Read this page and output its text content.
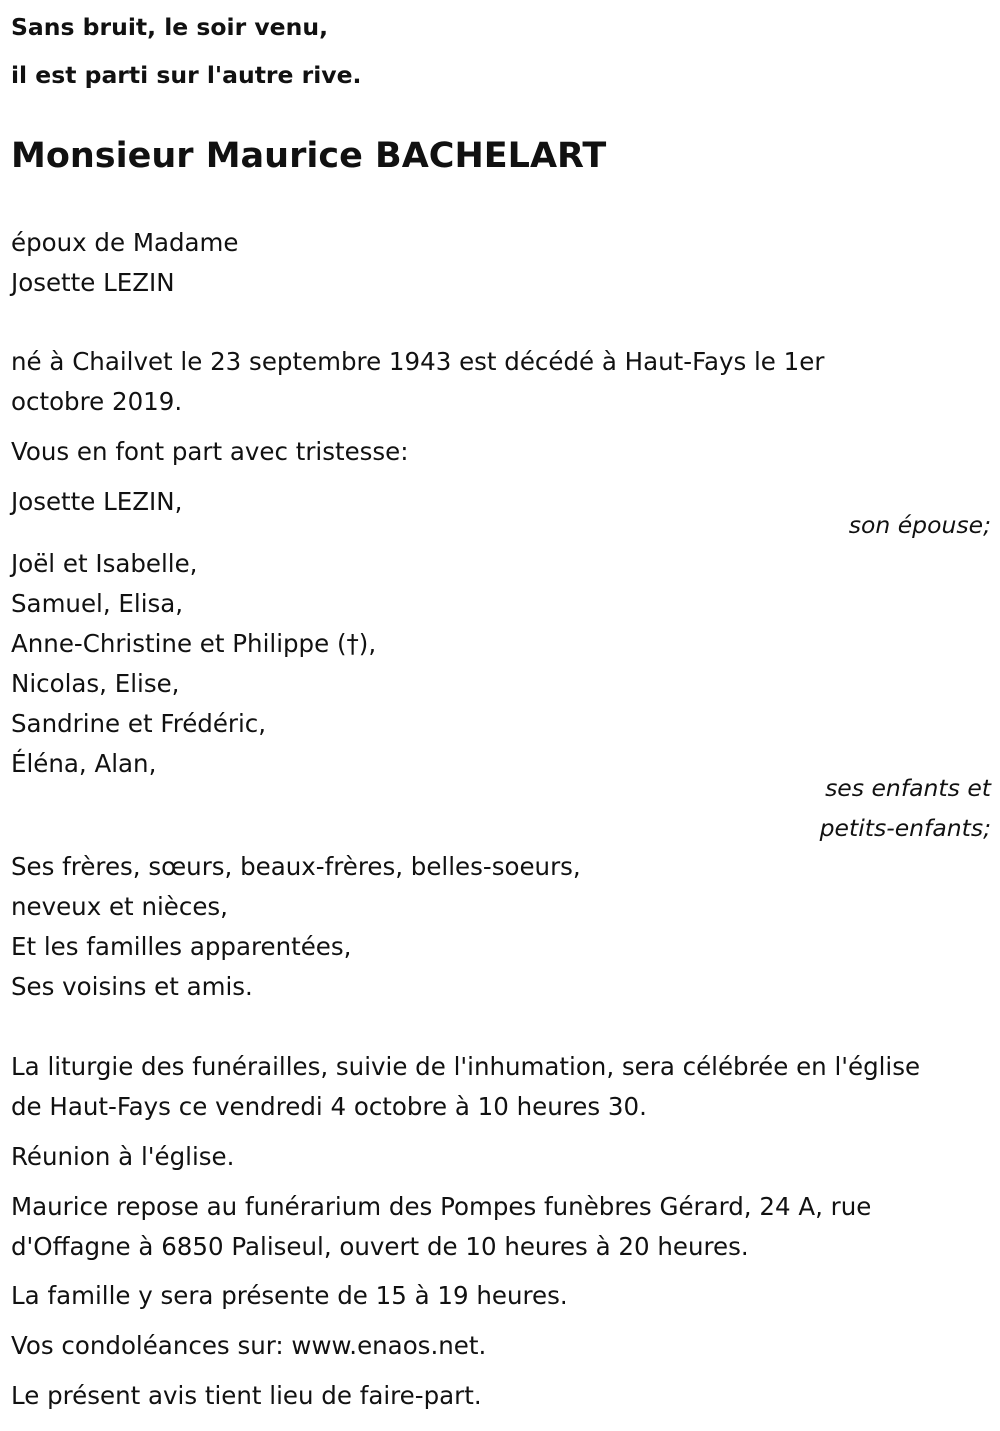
Sans bruit, le soir venu,
il est parti sur l'autre rive.
Monsieur Maurice BACHELART
époux de Madame
Josette LEZIN
né à Chailvet le 23 septembre 1943 est décédé à Haut-Fays le 1er
octobre 2019.
Vous en font part avec tristesse:
Josette LEZIN,
son épouse;
Joël et Isabelle,
Samuel, Elisa,
Anne-Christine et Philippe (†),
Nicolas, Elise,
Sandrine et Frédéric,
Éléna, Alan,
ses enfants et
petits-enfants;
Ses frères, sœurs, beaux-frères, belles-soeurs,
neveux et nièces,
Et les familles apparentées,
Ses voisins et amis.
La liturgie des funérailles, suivie de l'inhumation, sera célébrée en l'église
de Haut-Fays ce vendredi 4 octobre à 10 heures 30.
Réunion à l'église.
Maurice repose au funérarium des Pompes funèbres Gérard, 24 A, rue
d'Offagne à 6850 Paliseul, ouvert de 10 heures à 20 heures.
La famille y sera présente de 15 à 19 heures.
Vos condoléances sur: www.enaos.net.
Le présent avis tient lieu de faire-part.
